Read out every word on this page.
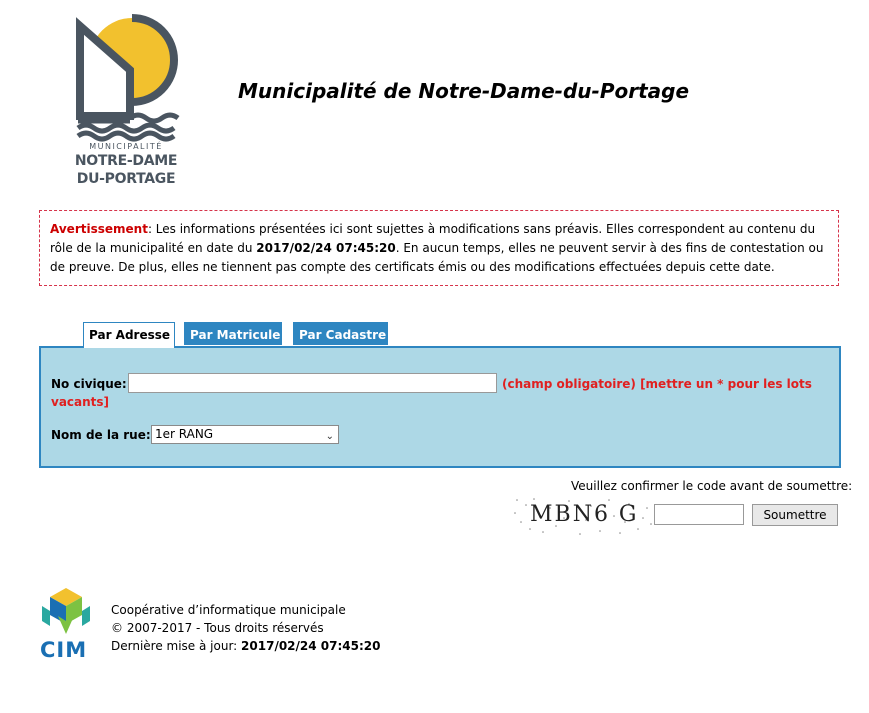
MUNICIPALITÉ
NOTRE-DAME
DU-PORTAGE
Municipalité de Notre-Dame-du-Portage
Avertissement: Les informations présentées ici sont sujettes à modifications sans préavis. Elles correspondent au contenu du rôle de la municipalité en date du 2017/02/24 07:45:20. En aucun temps, elles ne peuvent servir à des fins de contestation ou de preuve. De plus, elles ne tiennent pas compte des certificats émis ou des modifications effectuées depuis cette date.
Par Adresse	Par Matricule	Par Cadastre
No civique:	(champ obligatoire) [mettre un * pour les lots
vacants]
Nom de la rue: 1er RANG	⌄
Veuillez confirmer le code avant de soumettre:
MBN6 G	Soumettre
CIM
Coopérative d’informatique municipale
© 2007-2017 - Tous droits réservés
Dernière mise à jour: 2017/02/24 07:45:20
